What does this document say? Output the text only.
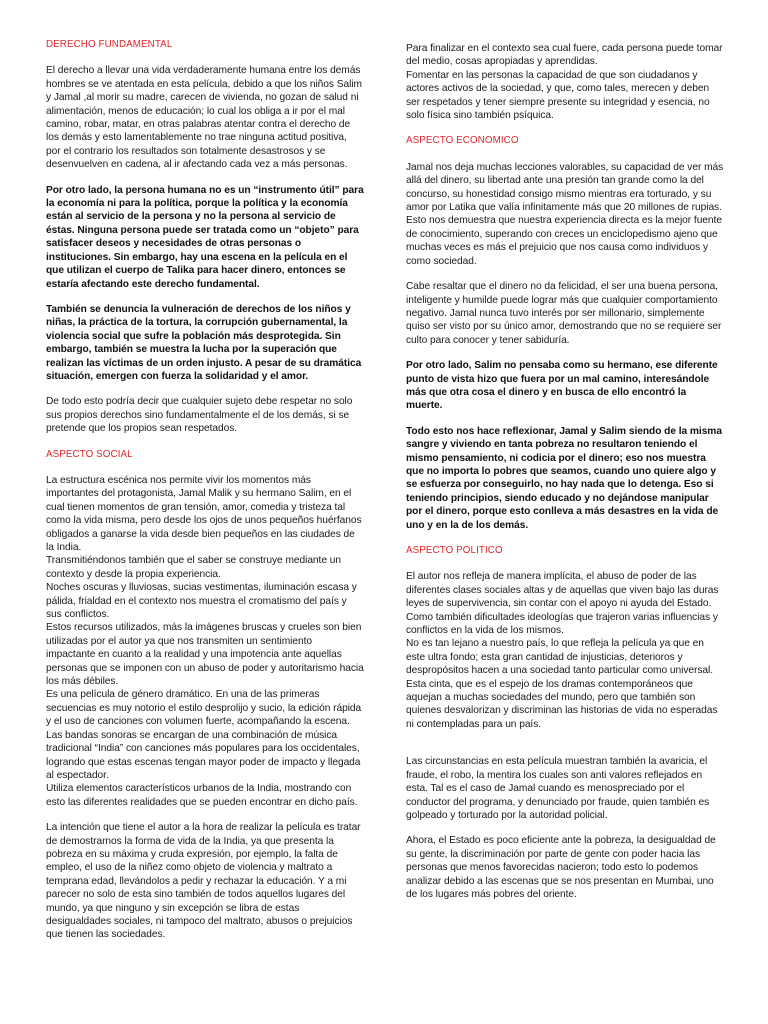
DERECHO FUNDAMENTAL

El derecho a llevar una vida verdaderamente humana entre los demás hombres se ve atentada en esta película, debido a que los niños Salim y Jamal ,al morir su madre, carecen de vivienda, no gozan de salud ni alimentación, menos de educación; lo cual los obliga a ir por el mal camino, robar, matar, en otras palabras atentar contra el derecho de los demás y esto lamentablemente no trae ninguna actitud positiva, por el contrario los resultados son totalmente desastrosos y se desenvuelven en cadena, al ir afectando cada vez a más personas.

Por otro lado, la persona humana no es un “instrumento útil” para la economía ni para la política, porque la política y la economía están al servicio de la persona y no la persona al servicio de éstas. Ninguna persona puede ser tratada como un “objeto” para satisfacer deseos y necesidades de otras personas o instituciones. Sin embargo, hay una escena en la película en el que utilizan el cuerpo de Talika para hacer dinero, entonces se estaría afectando este derecho fundamental.

También se denuncia la vulneración de derechos de los niños y niñas, la práctica de la tortura, la corrupción gubernamental, la violencia social que sufre la población más desprotegida. Sin embargo, también se muestra la lucha por la superación que realizan las víctimas de un orden injusto. A pesar de su dramática situación, emergen con fuerza la solidaridad y el amor.

De todo esto podría decir que cualquier sujeto debe respetar no solo sus propios derechos sino fundamentalmente el de los demás, si se pretende que los propios sean respetados.

ASPECTO SOCIAL

La estructura escénica nos permite vivir los momentos más importantes del protagonista, Jamal Malik y su hermano Salim, en el cual tienen momentos de gran tensión, amor, comedia y tristeza tal como la vida misma, pero desde los ojos de unos pequeños huérfanos obligados a ganarse la vida desde bien pequeños en las ciudades de la India.

Transmitiéndonos también que el saber se construye mediante un contexto y desde la propia experiencia.

Noches oscuras y lluviosas, sucias vestimentas, iluminación escasa y pálida, frialdad en el contexto nos muestra el cromatismo del país y sus conflictos.

Estos recursos utilizados, más la imágenes bruscas y crueles son bien utilizadas por el autor ya que nos transmiten un sentimiento impactante en cuanto a la realidad y una impotencia ante aquellas personas que se imponen con un abuso de poder y autoritarismo hacia los más débiles.

Es una película de género dramático. En una de las primeras secuencias es muy notorio el estilo desprolijo y sucio, la edición rápida y el uso de canciones con volumen fuerte, acompañando la escena.

Las bandas sonoras se encargan de una combinación de música tradicional “India” con canciones más populares para los occidentales, logrando que estas escenas tengan mayor poder de impacto y llegada al espectador.

Utiliza elementos característicos urbanos de la India, mostrando con esto las diferentes realidades que se pueden encontrar en dicho país.

La intención que tiene el autor a la hora de realizar la película es tratar de demostrarnos la forma de vida de la India, ya que presenta la pobreza en su máxima y cruda expresión, por ejemplo, la falta de empleo, el uso de la niñez como objeto de violencia y maltrato a temprana edad, llevándolos a pedir y rechazar la educación. Y a mi parecer no solo de esta sino también de todos aquellos lugares del mundo, ya que ninguno y sin excepción se libra de estas desigualdades sociales, ni tampoco del maltrato, abusos o prejuicios que tienen las sociedades.

Para finalizar en el contexto sea cual fuere, cada persona puede tomar del medio, cosas apropiadas y aprendidas.

Fomentar en las personas la capacidad de que son ciudadanos y actores activos de la sociedad, y que, como tales, merecen y deben ser respetados y tener siempre presente su integridad y esencia, no solo física sino también psíquica.

ASPECTO ECONOMICO

Jamal nos deja muchas lecciones valorables, su capacidad de ver más allá del dinero, su libertad ante una presión tan grande como la del concurso, su honestidad consigo mismo mientras era torturado, y su amor por Latika que valía infinitamente más que 20 millones de rupias.

Esto nos demuestra que nuestra experiencia directa es la mejor fuente de conocimiento, superando con creces un enciclopedismo ajeno que muchas veces es más el prejuicio que nos causa como individuos y como sociedad.

Cabe resaltar que el dinero no da felicidad, el ser una buena persona, inteligente y humilde puede lograr más que cualquier comportamiento negativo. Jamal nunca tuvo interés por ser millonario, simplemente quiso ser visto por su único amor, demostrando que no se requiere ser culto para conocer y tener sabiduría.

Por otro lado, Salim no pensaba como su hermano, ese diferente punto de vista hizo que fuera por un mal camino, interesándole más que otra cosa el dinero y en busca de ello encontró la muerte.

Todo esto nos hace reflexionar, Jamal y Salim siendo de la misma sangre y viviendo en tanta pobreza no resultaron teniendo el mismo pensamiento, ni codicia por el dinero; eso nos muestra que no importa lo pobres que seamos, cuando uno quiere algo y se esfuerza por conseguirlo, no hay nada que lo detenga. Eso si teniendo principios, siendo educado y no dejándose manipular por el dinero, porque esto conlleva a más desastres en la vida de uno y en la de los demás.

ASPECTO POLITICO

El autor nos refleja de manera implícita, el abuso de poder de las diferentes clases sociales altas y de aquellas que viven bajo las duras leyes de supervivencia, sin contar con el apoyo ni ayuda del Estado.

Como también dificultades ideologías que trajeron varias influencias y conflictos en la vida de los mismos.

No es tan lejano a nuestro país, lo que refleja la película ya que en este ultra fondo; esta gran cantidad de injusticias, deterioros y despropósitos hacen a una sociedad tanto particular como universal. Esta cinta, que es el espejo de los dramas contemporáneos que aquejan a muchas sociedades del mundo, pero que también son quienes desvalorizan y discriminan las historias de vida no esperadas ni contempladas para un país.

Las circunstancias en esta película muestran también la avaricia, el fraude, el robo, la mentira los cuales son anti valores reflejados en esta. Tal es el caso de Jamal cuando es menospreciado por el conductor del programa, y denunciado por fraude, quien también es golpeado y torturado por la autoridad policial.

Ahora, el Estado es poco eficiente ante la pobreza, la desigualdad de su gente, la discriminación por parte de gente con poder hacia las personas que menos favorecidas nacieron; todo esto lo podemos analizar debido a las escenas que se nos presentan en Mumbai, uno de los lugares más pobres del oriente.
